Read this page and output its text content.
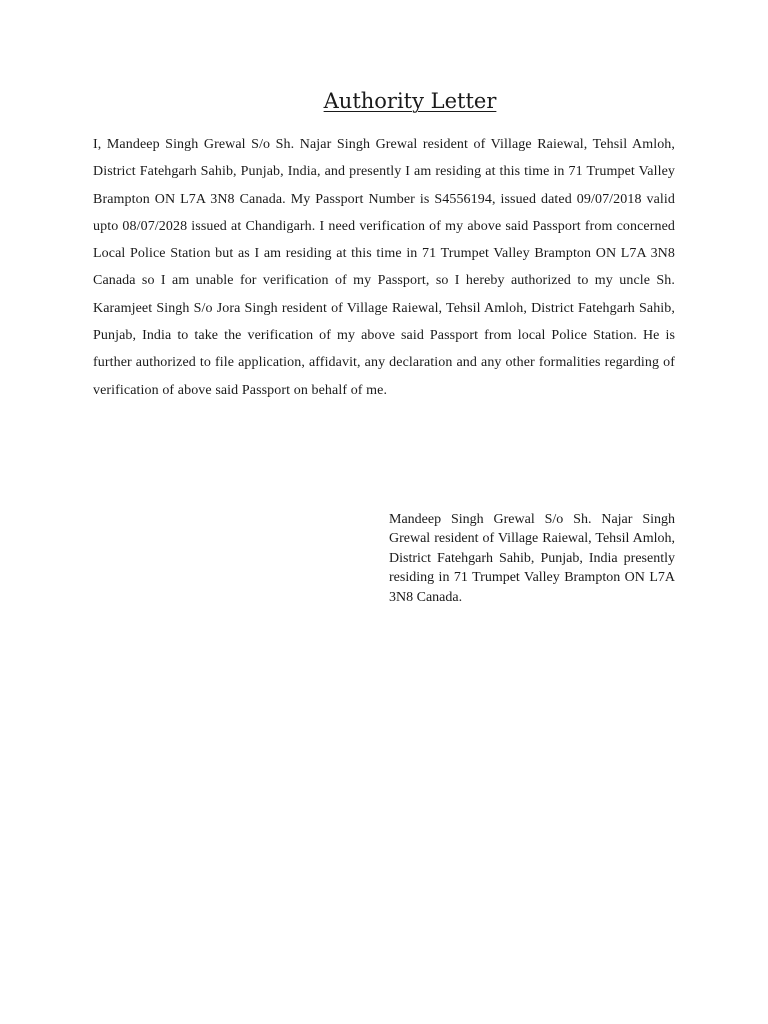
Authority Letter
I, Mandeep Singh Grewal S/o Sh. Najar Singh Grewal resident of Village Raiewal, Tehsil Amloh, District Fatehgarh Sahib, Punjab, India, and presently I am residing at this time in 71 Trumpet Valley Brampton ON L7A 3N8 Canada. My Passport Number is S4556194, issued dated 09/07/2018 valid upto 08/07/2028 issued at Chandigarh. I need verification of my above said Passport from concerned Local Police Station but as I am residing at this time in 71 Trumpet Valley Brampton ON L7A 3N8 Canada so I am unable for verification of my Passport, so I hereby authorized to my uncle Sh. Karamjeet Singh S/o Jora Singh resident of Village Raiewal, Tehsil Amloh, District Fatehgarh Sahib, Punjab, India to take the verification of my above said Passport from local Police Station. He is further authorized to file application, affidavit, any declaration and any other formalities regarding of verification of above said Passport on behalf of me.
Mandeep Singh Grewal S/o Sh. Najar Singh Grewal resident of Village Raiewal, Tehsil Amloh, District Fatehgarh Sahib, Punjab, India presently residing in 71 Trumpet Valley Brampton ON L7A 3N8 Canada.
